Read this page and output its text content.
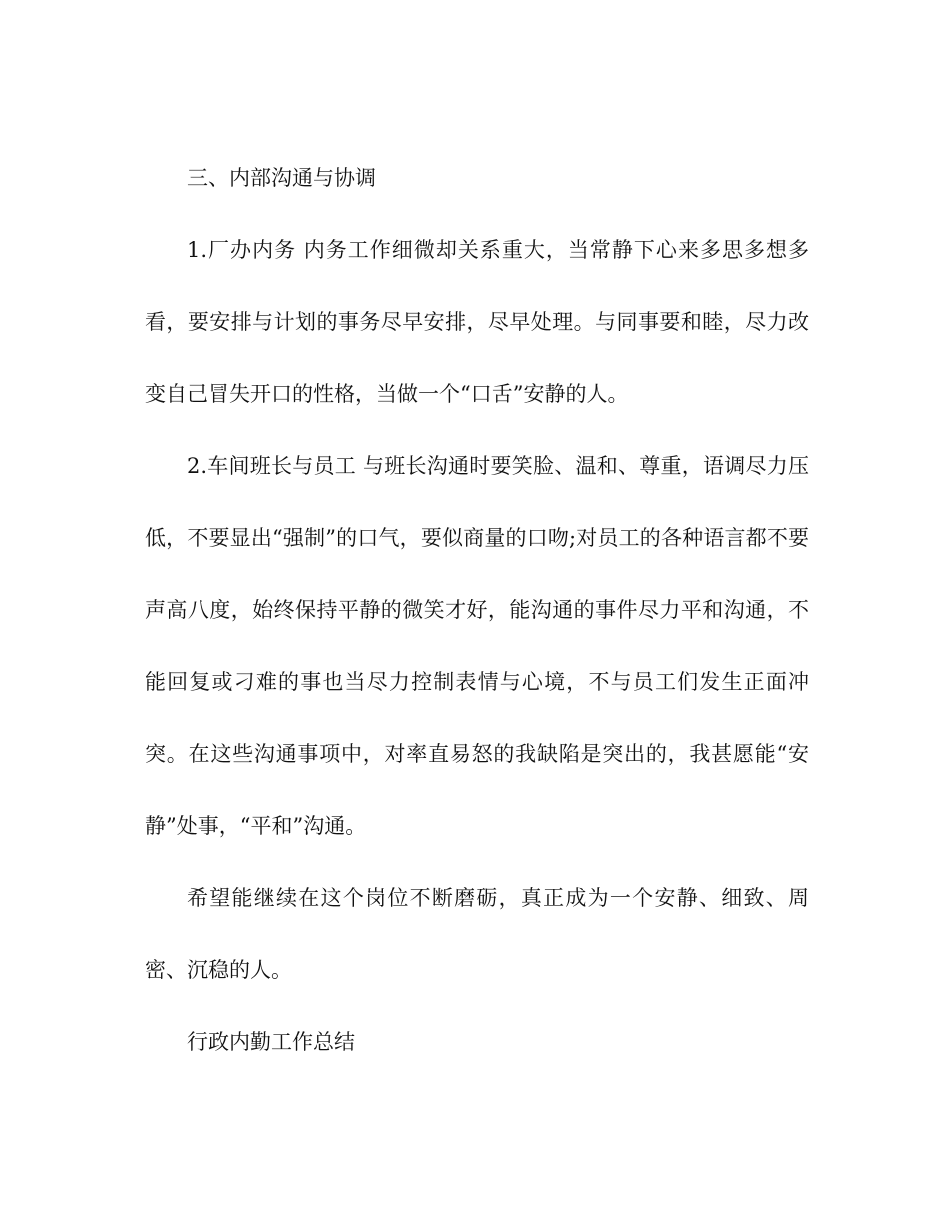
三、内部沟通与协调

1.厂办内务 内务工作细微却关系重大，当常静下心来多思多想多看，要安排与计划的事务尽早安排，尽早处理。与同事要和睦，尽力改变自己冒失开口的性格，当做一个“口舌”安静的人。

2.车间班长与员工 与班长沟通时要笑脸、温和、尊重，语调尽力压低，不要显出“强制”的口气，要似商量的口吻;对员工的各种语言都不要声高八度，始终保持平静的微笑才好，能沟通的事件尽力平和沟通，不能回复或刁难的事也当尽力控制表情与心境，不与员工们发生正面冲突。在这些沟通事项中，对率直易怒的我缺陷是突出的，我甚愿能“安静”处事，“平和”沟通。

希望能继续在这个岗位不断磨砺，真正成为一个安静、细致、周密、沉稳的人。

行政内勤工作总结
